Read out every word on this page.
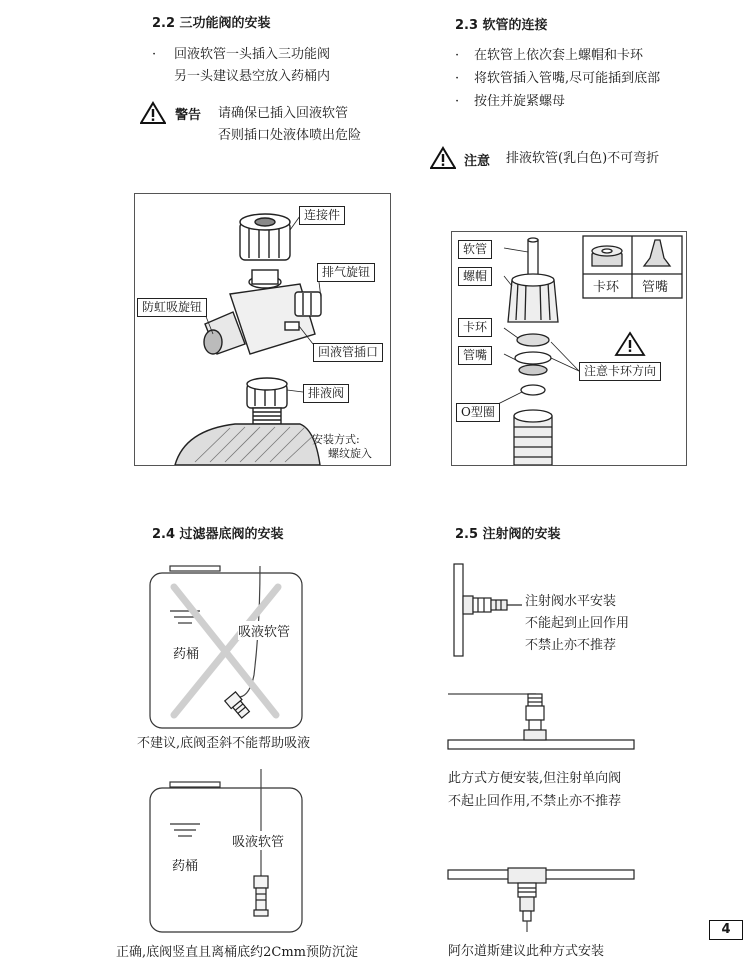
2.2 三功能阀的安装
· 回液软管一头插入三功能阀
另一头建议悬空放入药桶内
警告 请确保已插入回液软管
否则插口处液体喷出危险
连接件
排气旋钮
防虹吸旋钮
回液管插口
排液阀
安装方式:
螺纹旋入
2.3 软管的连接
· 在软管上依次套上螺帽和卡环
· 将软管插入管嘴,尽可能插到底部
· 按住并旋紧螺母
注意 排液软管(乳白色)不可弯折
软管
螺帽
卡环 管嘴
卡环
管嘴
注意卡环方向
O型圈
2.4 过滤器底阀的安装
药桶
吸液软管
不建议,底阀歪斜不能帮助吸液
药桶
吸液软管
正确,底阀竖直且离桶底约2Cmm预防沉淀
2.5 注射阀的安装
注射阀水平安装
不能起到止回作用
不禁止亦不推荐
此方式方便安装,但注射单向阀
不起止回作用,不禁止亦不推荐
阿尔道斯建议此种方式安装
4
